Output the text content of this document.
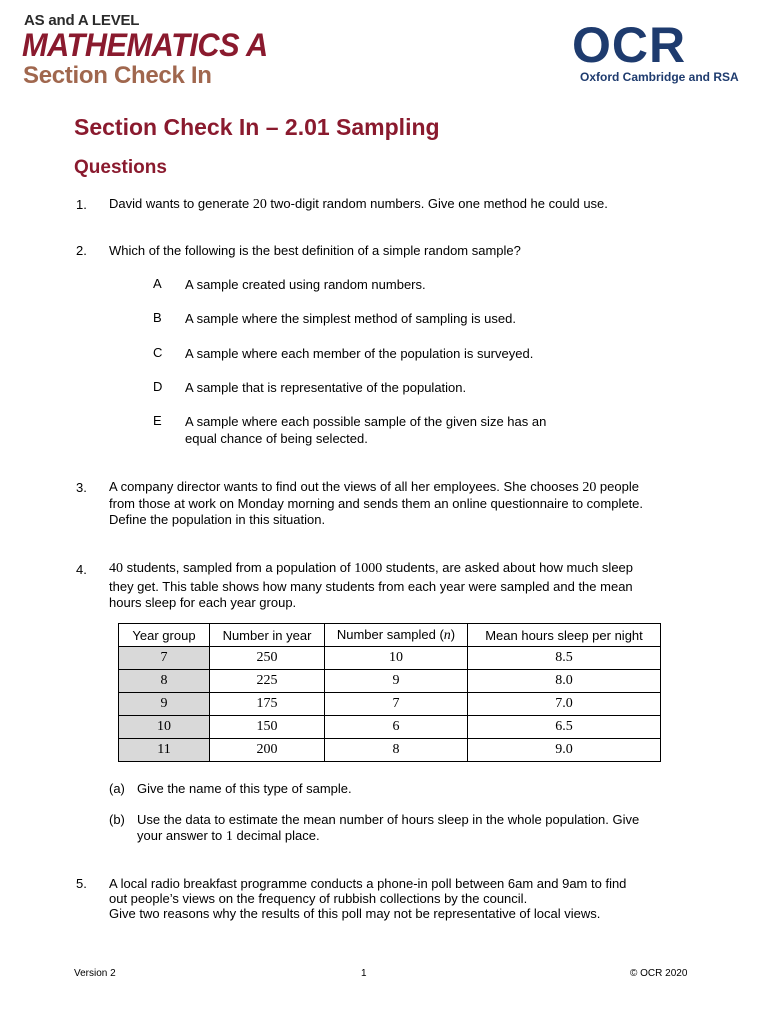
AS and A LEVEL
MATHEMATICS A
Section Check In
OCR
Oxford Cambridge and RSA
Section Check In – 2.01 Sampling
Questions
1. David wants to generate 20 two-digit random numbers. Give one method he could use.
2. Which of the following is the best definition of a simple random sample?
A A sample created using random numbers.
B A sample where the simplest method of sampling is used.
C A sample where each member of the population is surveyed.
D A sample that is representative of the population.
E A sample where each possible sample of the given size has an
equal chance of being selected.
3. A company director wants to find out the views of all her employees. She chooses 20 people
from those at work on Monday morning and sends them an online questionnaire to complete.
Define the population in this situation.
4. 40 students, sampled from a population of 1000 students, are asked about how much sleep
they get. This table shows how many students from each year were sampled and the mean
hours sleep for each year group.
Year group	Number in year	Number sampled (n)	Mean hours sleep per night
7	250	10	8.5
8	225	9	8.0
9	175	7	7.0
10	150	6	6.5
11	200	8	9.0
(a) Give the name of this type of sample.
(b) Use the data to estimate the mean number of hours sleep in the whole population. Give
your answer to 1 decimal place.
5. A local radio breakfast programme conducts a phone-in poll between 6am and 9am to find
out people’s views on the frequency of rubbish collections by the council.
Give two reasons why the results of this poll may not be representative of local views.
Version 2	1	© OCR 2020
